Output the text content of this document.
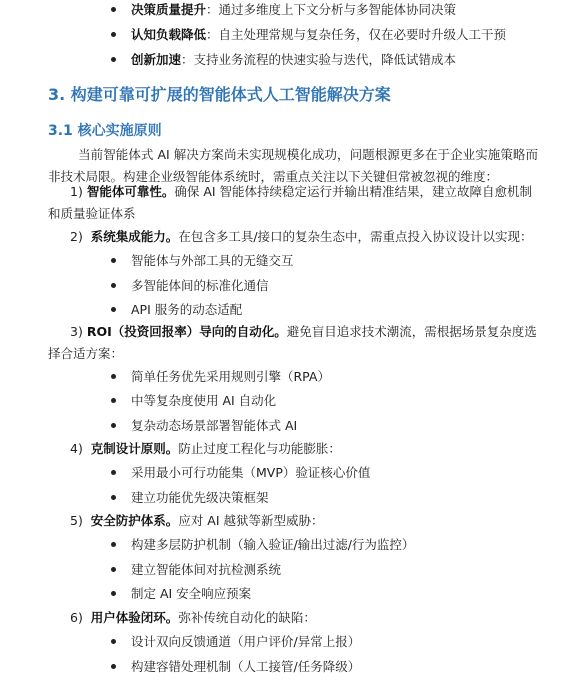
决策质量提升：通过多维度上下文分析与多智能体协同决策
认知负载降低：自主处理常规与复杂任务，仅在必要时升级人工干预
创新加速：支持业务流程的快速实验与迭代，降低试错成本
3. 构建可靠可扩展的智能体式人工智能解决方案
3.1 核心实施原则
当前智能体式 AI 解决方案尚未实现规模化成功，问题根源更多在于企业实施策略而非技术局限。构建企业级智能体系统时，需重点关注以下关键但常被忽视的维度：
1) 智能体可靠性。确保 AI 智能体持续稳定运行并输出精准结果，建立故障自愈机制和质量验证体系
2) 系统集成能力。在包含多工具/接口的复杂生态中，需重点投入协议设计以实现：
智能体与外部工具的无缝交互
多智能体间的标准化通信
API 服务的动态适配
3) ROI（投资回报率）导向的自动化。避免盲目追求技术潮流，需根据场景复杂度选择合适方案：
简单任务优先采用规则引擎（RPA）
中等复杂度使用 AI 自动化
复杂动态场景部署智能体式 AI
4) 克制设计原则。防止过度工程化与功能膨胀：
采用最小可行功能集（MVP）验证核心价值
建立功能优先级决策框架
5) 安全防护体系。应对 AI 越狱等新型威胁：
构建多层防护机制（输入验证/输出过滤/行为监控）
建立智能体间对抗检测系统
制定 AI 安全响应预案
6) 用户体验闭环。弥补传统自动化的缺陷：
设计双向反馈通道（用户评价/异常上报）
构建容错处理机制（人工接管/任务降级）
